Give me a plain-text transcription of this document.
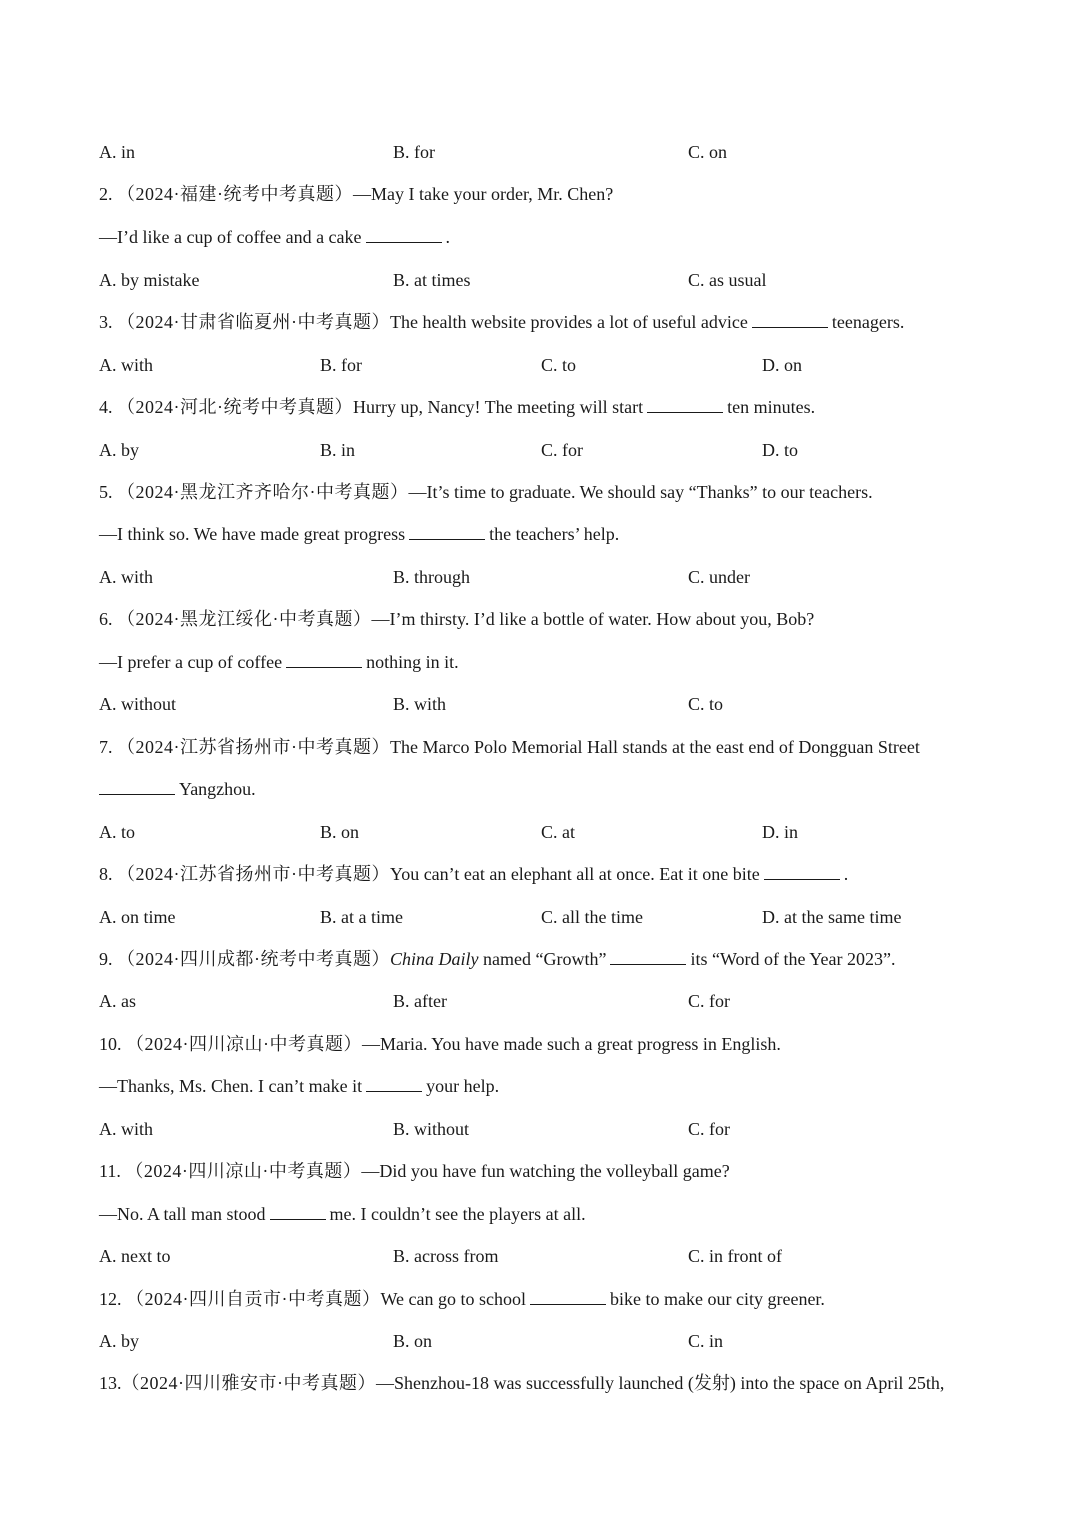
A. in	B. for	C. on
2. （2024·福建·统考中考真题）—May I take your order, Mr. Chen?
—I’d like a cup of coffee and a cake	.
A. by mistake	B. at times	C. as usual
3. （2024·甘肃省临夏州·中考真题）The health website provides a lot of useful advice	teenagers.
A. with	B. for	C. to	D. on
4. （2024·河北·统考中考真题）Hurry up, Nancy! The meeting will start	ten minutes.
A. by	B. in	C. for	D. to
5. （2024·黑龙江齐齐哈尔·中考真题）—It’s time to graduate. We should say “Thanks” to our teachers.
—I think so. We have made great progress	the teachers’ help.
A. with	B. through	C. under
6. （2024·黑龙江绥化·中考真题）—I’m thirsty. I’d like a bottle of water. How about you, Bob?
—I prefer a cup of coffee	nothing in it.
A. without	B. with	C. to
7. （2024·江苏省扬州市·中考真题）The Marco Polo Memorial Hall stands at the east end of Dongguan Street
Yangzhou.
A. to	B. on	C. at	D. in
8. （2024·江苏省扬州市·中考真题）You can’t eat an elephant all at once. Eat it one bite	.
A. on time	B. at a time	C. all the time	D. at the same time
9. （2024·四川成都·统考中考真题）China Daily named “Growth”	its “Word of the Year 2023”.
A. as	B. after	C. for
10. （2024·四川凉山·中考真题）—Maria. You have made such a great progress in English.
—Thanks, Ms. Chen. I can’t make it	your help.
A. with	B. without	C. for
11. （2024·四川凉山·中考真题）—Did you have fun watching the volleyball game?
—No. A tall man stood	me. I couldn’t see the players at all.
A. next to	B. across from	C. in front of
12. （2024·四川自贡市·中考真题）We can go to school	bike to make our city greener.
A. by	B. on	C. in
13.（2024·四川雅安市·中考真题）—Shenzhou-18 was successfully launched (发射) into the space on April 25th,
